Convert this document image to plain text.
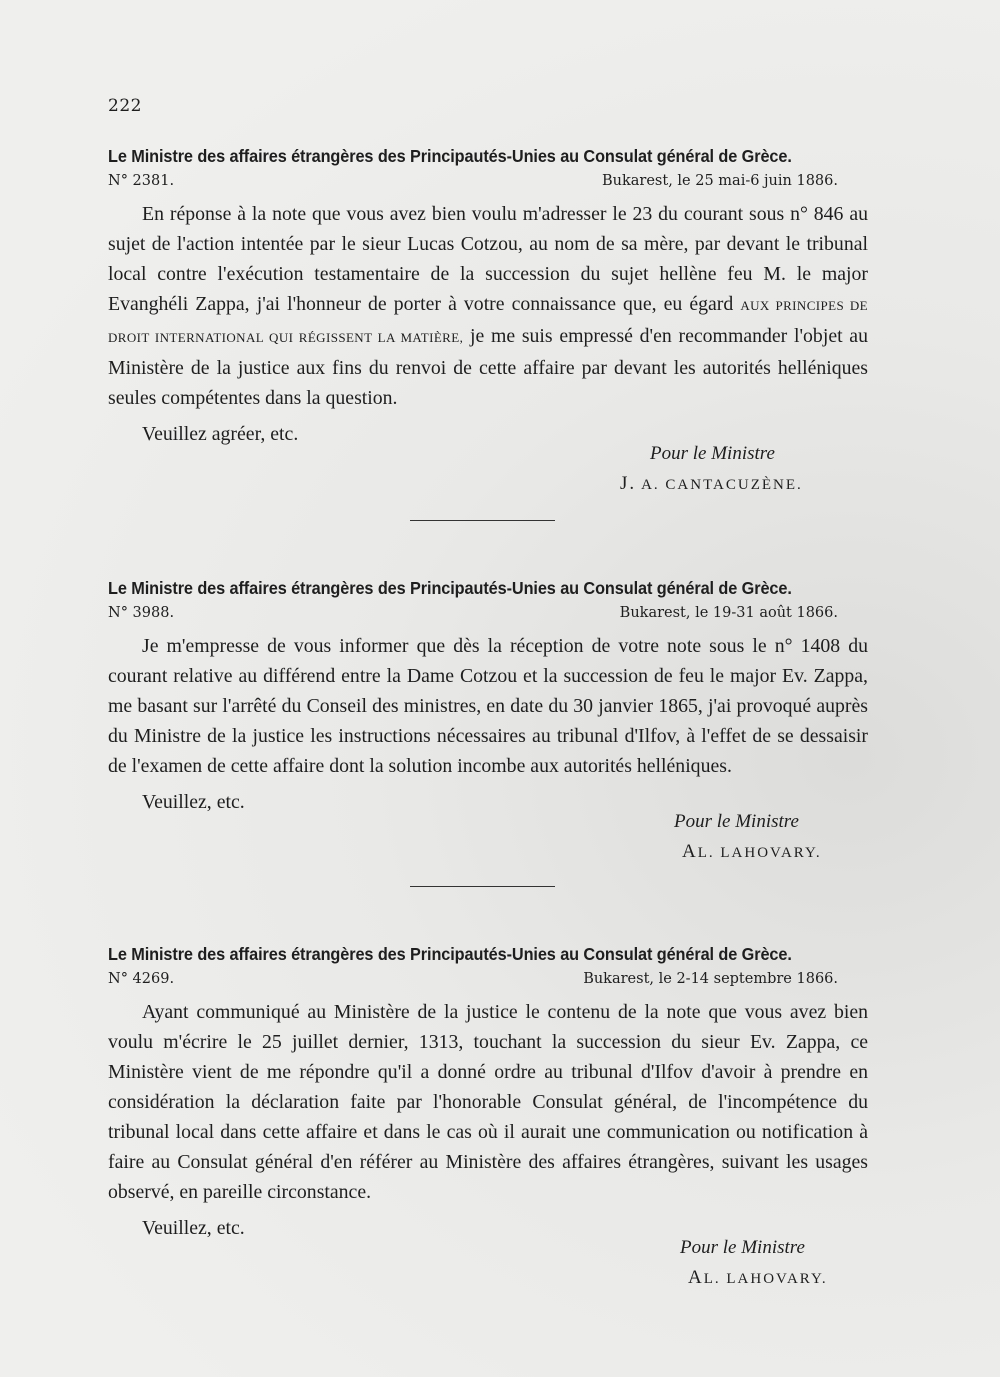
222
Le Ministre des affaires étrangères des Principautés-Unies au Consulat général de Grèce.
N° 2381.	Bukarest, le 25 mai-6 juin 1886.

En réponse à la note que vous avez bien voulu m'adresser le 23 du courant sous n° 846 au sujet de l'action intentée par le sieur Lucas Cotzou, au nom de sa mère, par devant le tribunal local contre l'exécution testamentaire de la succession du sujet hellène feu M. le major Evanghéli Zappa, j'ai l'honneur de porter à votre connaissance que, eu égard AUX PRINCIPES DE DROIT INTERNATIONAL QUI RÉGISSENT LA MATIÈRE, je me suis empressé d'en recommander l'objet au Ministère de la justice aux fins du renvoi de cette affaire par devant les autorités helléniques seules compétentes dans la question.

Veuillez agréer, etc.

Pour le Ministre
J. A. CANTACUZÈNE.
Le Ministre des affaires étrangères des Principautés-Unies au Consulat général de Grèce.
N° 3988.	Bukarest, le 19-31 août 1866.

Je m'empresse de vous informer que dès la réception de votre note sous le n° 1408 du courant relative au différend entre la Dame Cotzou et la succession de feu le major Ev. Zappa, me basant sur l'arrêté du Conseil des ministres, en date du 30 janvier 1865, j'ai provoqué auprès du Ministre de la justice les instructions nécessaires au tribunal d'Ilfov, à l'effet de se dessaisir de l'examen de cette affaire dont la solution incombe aux autorités helléniques.

Veuillez, etc.

Pour le Ministre
AL. LAHOVARY.
Le Ministre des affaires étrangères des Principautés-Unies au Consulat général de Grèce.
N° 4269.	Bukarest, le 2-14 septembre 1866.

Ayant communiqué au Ministère de la justice le contenu de la note que vous avez bien voulu m'écrire le 25 juillet dernier, 1313, touchant la succession du sieur Ev. Zappa, ce Ministère vient de me répondre qu'il a donné ordre au tribunal d'Ilfov d'avoir à prendre en considération la déclaration faite par l'honorable Consulat général, de l'incompétence du tribunal local dans cette affaire et dans le cas où il aurait une communication ou notification à faire au Consulat général d'en référer au Ministère des affaires étrangères, suivant les usages observé, en pareille circonstance.

Veuillez, etc.

Pour le Ministre
AL. LAHOVARY.
